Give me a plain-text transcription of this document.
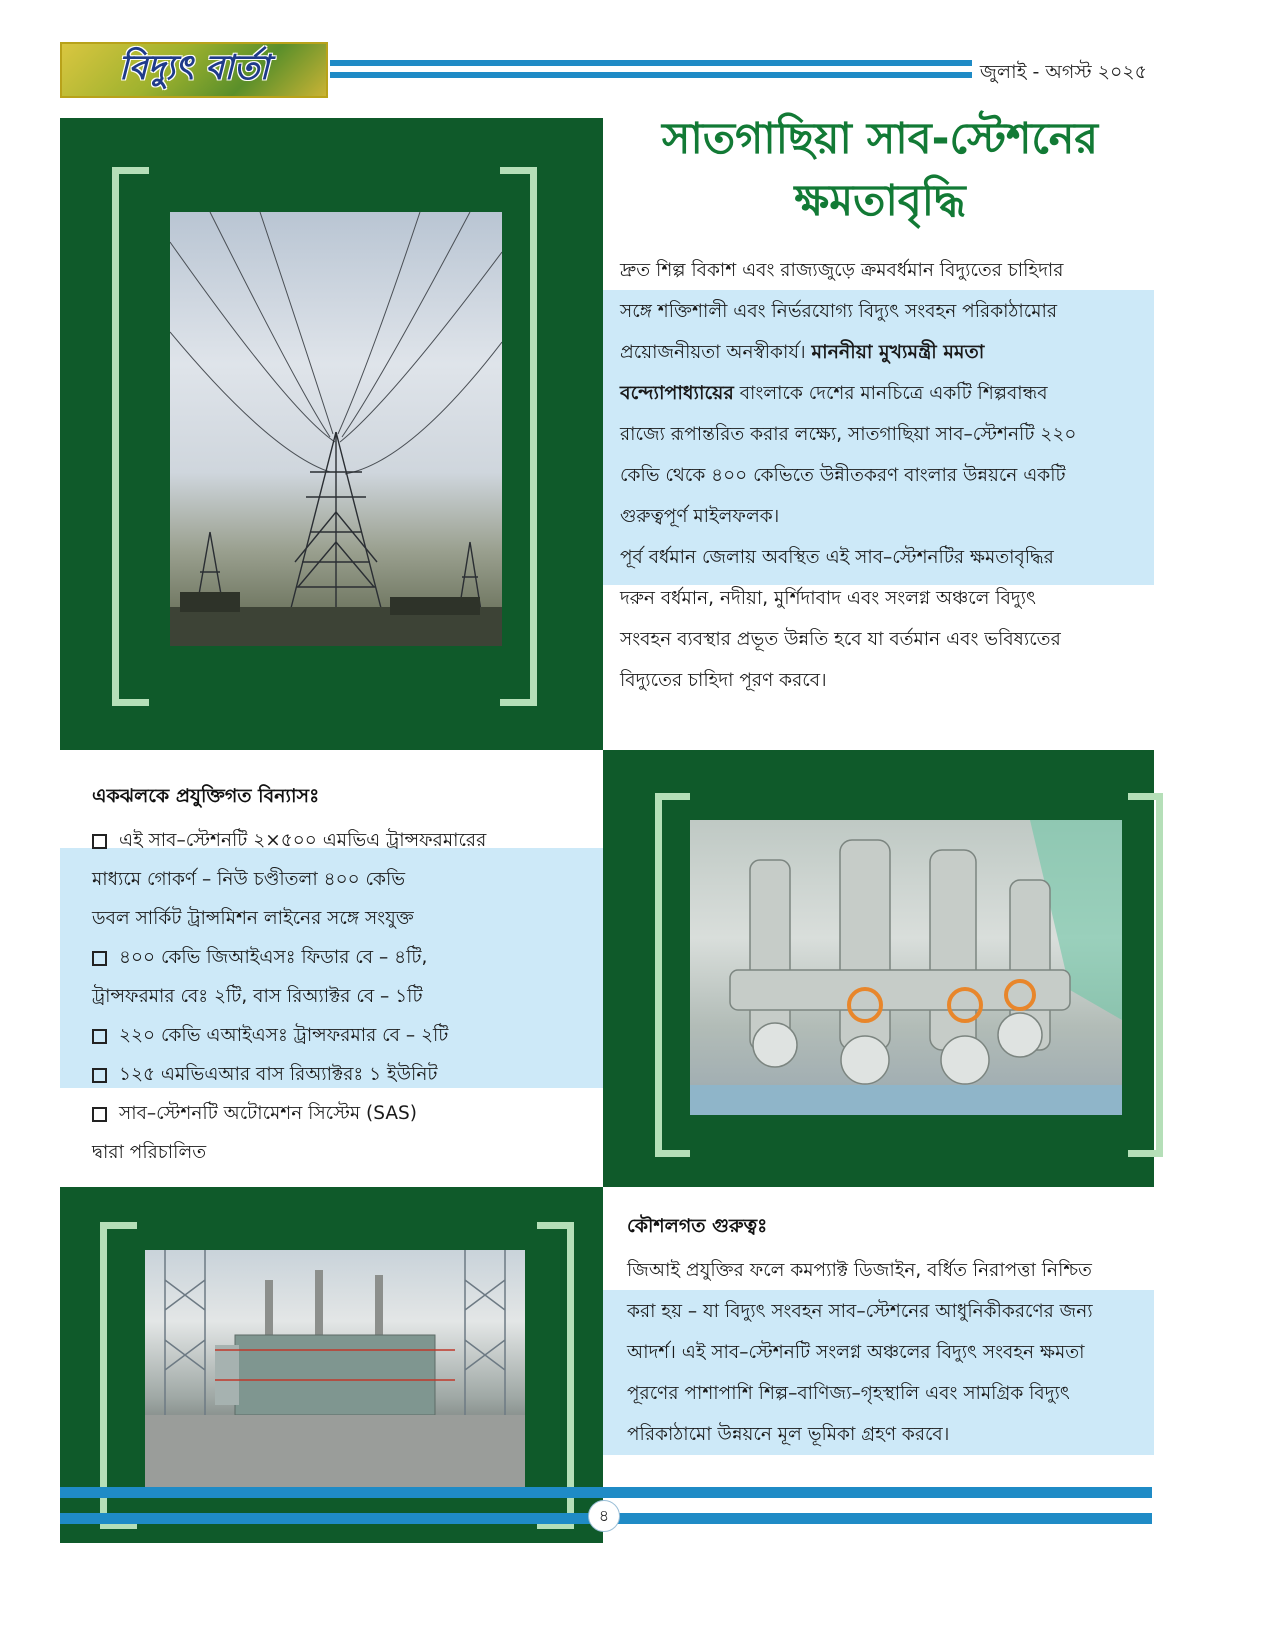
বিদ্যুৎ বার্তা	জুলাই - অগস্ট ২০২৫
সাতগাছিয়া সাব-স্টেশনের
ক্ষমতাবৃদ্ধি
দ্রুত শিল্প বিকাশ এবং রাজ্যজুড়ে ক্রমবর্ধমান বিদ্যুতের চাহিদার
সঙ্গে শক্তিশালী এবং নির্ভরযোগ্য বিদ্যুৎ সংবহন পরিকাঠামোর
প্রয়োজনীয়তা অনস্বীকার্য। মাননীয়া মুখ্যমন্ত্রী মমতা
বন্দ্যোপাধ্যায়ের বাংলাকে দেশের মানচিত্রে একটি শিল্পবান্ধব
রাজ্যে রূপান্তরিত করার লক্ষ্যে, সাতগাছিয়া সাব–স্টেশনটি ২২০
কেভি থেকে ৪০০ কেভিতে উন্নীতকরণ বাংলার উন্নয়নে একটি
গুরুত্বপূর্ণ মাইলফলক।
পূর্ব বর্ধমান জেলায় অবস্থিত এই সাব–স্টেশনটির ক্ষমতাবৃদ্ধির
দরুন বর্ধমান, নদীয়া, মুর্শিদাবাদ এবং সংলগ্ন অঞ্চলে বিদ্যুৎ
সংবহন ব্যবস্থার প্রভূত উন্নতি হবে যা বর্তমান এবং ভবিষ্যতের
বিদ্যুতের চাহিদা পূরণ করবে।
একঝলকে প্রযুক্তিগত বিন্যাসঃ
এই সাব–স্টেশনটি ২×৫০০ এমভিএ ট্রান্সফরমারের
মাধ্যমে গোকর্ণ – নিউ চণ্ডীতলা ৪০০ কেভি
ডবল সার্কিট ট্রান্সমিশন লাইনের সঙ্গে সংযুক্ত
৪০০ কেভি জিআইএসঃ ফিডার বে – ৪টি,
ট্রান্সফরমার বেঃ ২টি, বাস রিঅ্যাক্টর বে – ১টি
২২০ কেভি এআইএসঃ ট্রান্সফরমার বে – ২টি
১২৫ এমভিএআর বাস রিঅ্যাক্টরঃ ১ ইউনিট
সাব–স্টেশনটি অটোমেশন সিস্টেম (SAS)
দ্বারা পরিচালিত
কৌশলগত গুরুত্বঃ
জিআই প্রযুক্তির ফলে কমপ্যাক্ট ডিজাইন, বর্ধিত নিরাপত্তা নিশ্চিত
করা হয় – যা বিদ্যুৎ সংবহন সাব–স্টেশনের আধুনিকীকরণের জন্য
আদর্শ। এই সাব–স্টেশনটি সংলগ্ন অঞ্চলের বিদ্যুৎ সংবহন ক্ষমতা
পূরণের পাশাপাশি শিল্প–বাণিজ্য–গৃহস্থালি এবং সামগ্রিক বিদ্যুৎ
পরিকাঠামো উন্নয়নে মূল ভূমিকা গ্রহণ করবে।
৪
